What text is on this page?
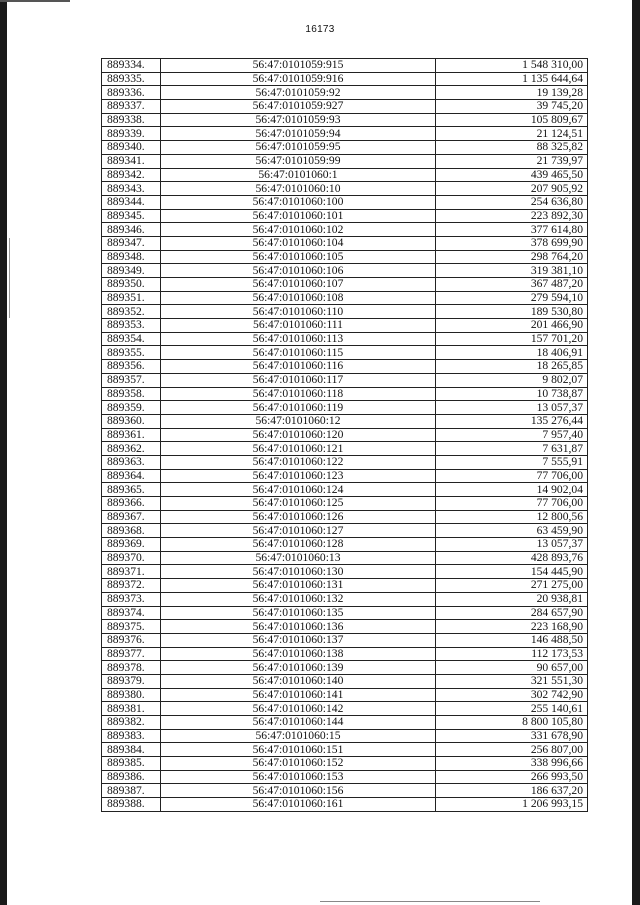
16173
889334.	56:47:0101059:915	1 548 310,00
889335.	56:47:0101059:916	1 135 644,64
889336.	56:47:0101059:92	19 139,28
889337.	56:47:0101059:927	39 745,20
889338.	56:47:0101059:93	105 809,67
889339.	56:47:0101059:94	21 124,51
889340.	56:47:0101059:95	88 325,82
889341.	56:47:0101059:99	21 739,97
889342.	56:47:0101060:1	439 465,50
889343.	56:47:0101060:10	207 905,92
889344.	56:47:0101060:100	254 636,80
889345.	56:47:0101060:101	223 892,30
889346.	56:47:0101060:102	377 614,80
889347.	56:47:0101060:104	378 699,90
889348.	56:47:0101060:105	298 764,20
889349.	56:47:0101060:106	319 381,10
889350.	56:47:0101060:107	367 487,20
889351.	56:47:0101060:108	279 594,10
889352.	56:47:0101060:110	189 530,80
889353.	56:47:0101060:111	201 466,90
889354.	56:47:0101060:113	157 701,20
889355.	56:47:0101060:115	18 406,91
889356.	56:47:0101060:116	18 265,85
889357.	56:47:0101060:117	9 802,07
889358.	56:47:0101060:118	10 738,87
889359.	56:47:0101060:119	13 057,37
889360.	56:47:0101060:12	135 276,44
889361.	56:47:0101060:120	7 957,40
889362.	56:47:0101060:121	7 631,87
889363.	56:47:0101060:122	7 555,91
889364.	56:47:0101060:123	77 706,00
889365.	56:47:0101060:124	14 902,04
889366.	56:47:0101060:125	77 706,00
889367.	56:47:0101060:126	12 800,56
889368.	56:47:0101060:127	63 459,90
889369.	56:47:0101060:128	13 057,37
889370.	56:47:0101060:13	428 893,76
889371.	56:47:0101060:130	154 445,90
889372.	56:47:0101060:131	271 275,00
889373.	56:47:0101060:132	20 938,81
889374.	56:47:0101060:135	284 657,90
889375.	56:47:0101060:136	223 168,90
889376.	56:47:0101060:137	146 488,50
889377.	56:47:0101060:138	112 173,53
889378.	56:47:0101060:139	90 657,00
889379.	56:47:0101060:140	321 551,30
889380.	56:47:0101060:141	302 742,90
889381.	56:47:0101060:142	255 140,61
889382.	56:47:0101060:144	8 800 105,80
889383.	56:47:0101060:15	331 678,90
889384.	56:47:0101060:151	256 807,00
889385.	56:47:0101060:152	338 996,66
889386.	56:47:0101060:153	266 993,50
889387.	56:47:0101060:156	186 637,20
889388.	56:47:0101060:161	1 206 993,15
